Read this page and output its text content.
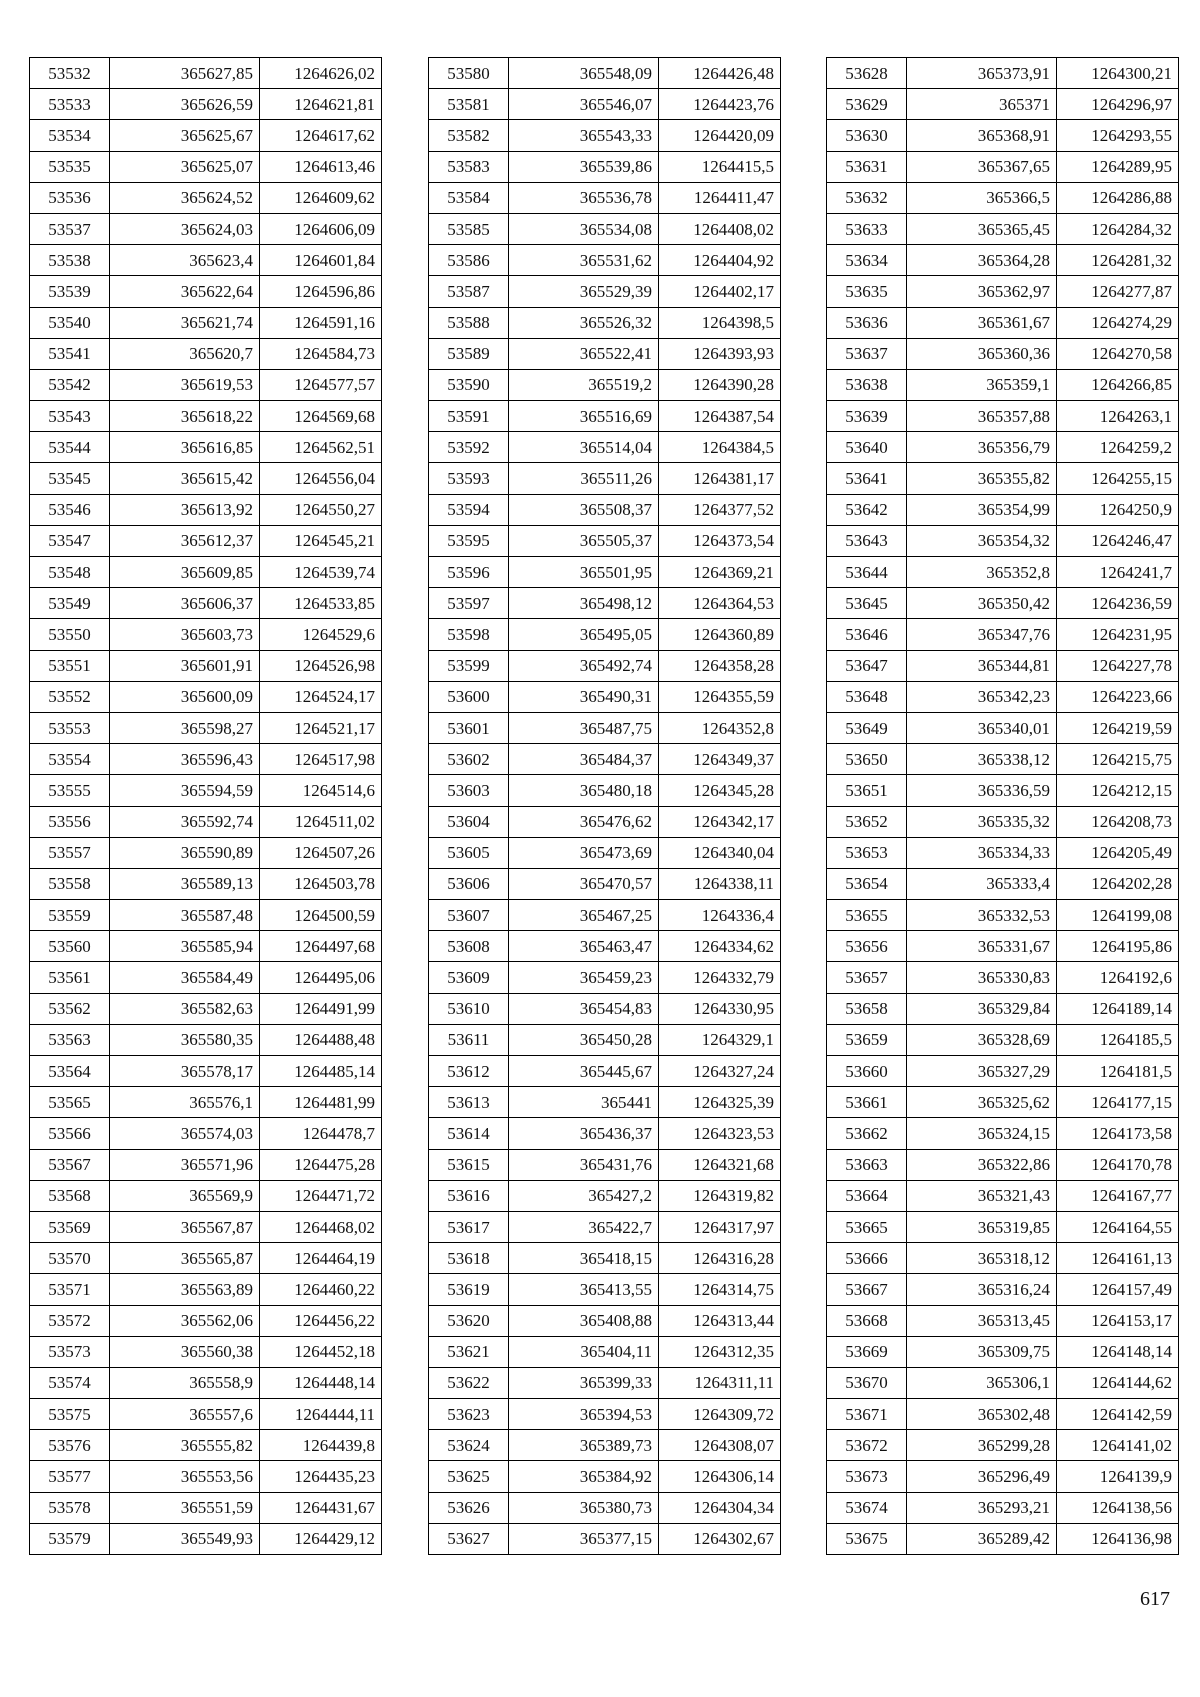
53532	365627,85	1264626,02
53533	365626,59	1264621,81
53534	365625,67	1264617,62
53535	365625,07	1264613,46
53536	365624,52	1264609,62
53537	365624,03	1264606,09
53538	365623,4	1264601,84
53539	365622,64	1264596,86
53540	365621,74	1264591,16
53541	365620,7	1264584,73
53542	365619,53	1264577,57
53543	365618,22	1264569,68
53544	365616,85	1264562,51
53545	365615,42	1264556,04
53546	365613,92	1264550,27
53547	365612,37	1264545,21
53548	365609,85	1264539,74
53549	365606,37	1264533,85
53550	365603,73	1264529,6
53551	365601,91	1264526,98
53552	365600,09	1264524,17
53553	365598,27	1264521,17
53554	365596,43	1264517,98
53555	365594,59	1264514,6
53556	365592,74	1264511,02
53557	365590,89	1264507,26
53558	365589,13	1264503,78
53559	365587,48	1264500,59
53560	365585,94	1264497,68
53561	365584,49	1264495,06
53562	365582,63	1264491,99
53563	365580,35	1264488,48
53564	365578,17	1264485,14
53565	365576,1	1264481,99
53566	365574,03	1264478,7
53567	365571,96	1264475,28
53568	365569,9	1264471,72
53569	365567,87	1264468,02
53570	365565,87	1264464,19
53571	365563,89	1264460,22
53572	365562,06	1264456,22
53573	365560,38	1264452,18
53574	365558,9	1264448,14
53575	365557,6	1264444,11
53576	365555,82	1264439,8
53577	365553,56	1264435,23
53578	365551,59	1264431,67
53579	365549,93	1264429,12
53580	365548,09	1264426,48
53581	365546,07	1264423,76
53582	365543,33	1264420,09
53583	365539,86	1264415,5
53584	365536,78	1264411,47
53585	365534,08	1264408,02
53586	365531,62	1264404,92
53587	365529,39	1264402,17
53588	365526,32	1264398,5
53589	365522,41	1264393,93
53590	365519,2	1264390,28
53591	365516,69	1264387,54
53592	365514,04	1264384,5
53593	365511,26	1264381,17
53594	365508,37	1264377,52
53595	365505,37	1264373,54
53596	365501,95	1264369,21
53597	365498,12	1264364,53
53598	365495,05	1264360,89
53599	365492,74	1264358,28
53600	365490,31	1264355,59
53601	365487,75	1264352,8
53602	365484,37	1264349,37
53603	365480,18	1264345,28
53604	365476,62	1264342,17
53605	365473,69	1264340,04
53606	365470,57	1264338,11
53607	365467,25	1264336,4
53608	365463,47	1264334,62
53609	365459,23	1264332,79
53610	365454,83	1264330,95
53611	365450,28	1264329,1
53612	365445,67	1264327,24
53613	365441	1264325,39
53614	365436,37	1264323,53
53615	365431,76	1264321,68
53616	365427,2	1264319,82
53617	365422,7	1264317,97
53618	365418,15	1264316,28
53619	365413,55	1264314,75
53620	365408,88	1264313,44
53621	365404,11	1264312,35
53622	365399,33	1264311,11
53623	365394,53	1264309,72
53624	365389,73	1264308,07
53625	365384,92	1264306,14
53626	365380,73	1264304,34
53627	365377,15	1264302,67
53628	365373,91	1264300,21
53629	365371	1264296,97
53630	365368,91	1264293,55
53631	365367,65	1264289,95
53632	365366,5	1264286,88
53633	365365,45	1264284,32
53634	365364,28	1264281,32
53635	365362,97	1264277,87
53636	365361,67	1264274,29
53637	365360,36	1264270,58
53638	365359,1	1264266,85
53639	365357,88	1264263,1
53640	365356,79	1264259,2
53641	365355,82	1264255,15
53642	365354,99	1264250,9
53643	365354,32	1264246,47
53644	365352,8	1264241,7
53645	365350,42	1264236,59
53646	365347,76	1264231,95
53647	365344,81	1264227,78
53648	365342,23	1264223,66
53649	365340,01	1264219,59
53650	365338,12	1264215,75
53651	365336,59	1264212,15
53652	365335,32	1264208,73
53653	365334,33	1264205,49
53654	365333,4	1264202,28
53655	365332,53	1264199,08
53656	365331,67	1264195,86
53657	365330,83	1264192,6
53658	365329,84	1264189,14
53659	365328,69	1264185,5
53660	365327,29	1264181,5
53661	365325,62	1264177,15
53662	365324,15	1264173,58
53663	365322,86	1264170,78
53664	365321,43	1264167,77
53665	365319,85	1264164,55
53666	365318,12	1264161,13
53667	365316,24	1264157,49
53668	365313,45	1264153,17
53669	365309,75	1264148,14
53670	365306,1	1264144,62
53671	365302,48	1264142,59
53672	365299,28	1264141,02
53673	365296,49	1264139,9
53674	365293,21	1264138,56
53675	365289,42	1264136,98
617
